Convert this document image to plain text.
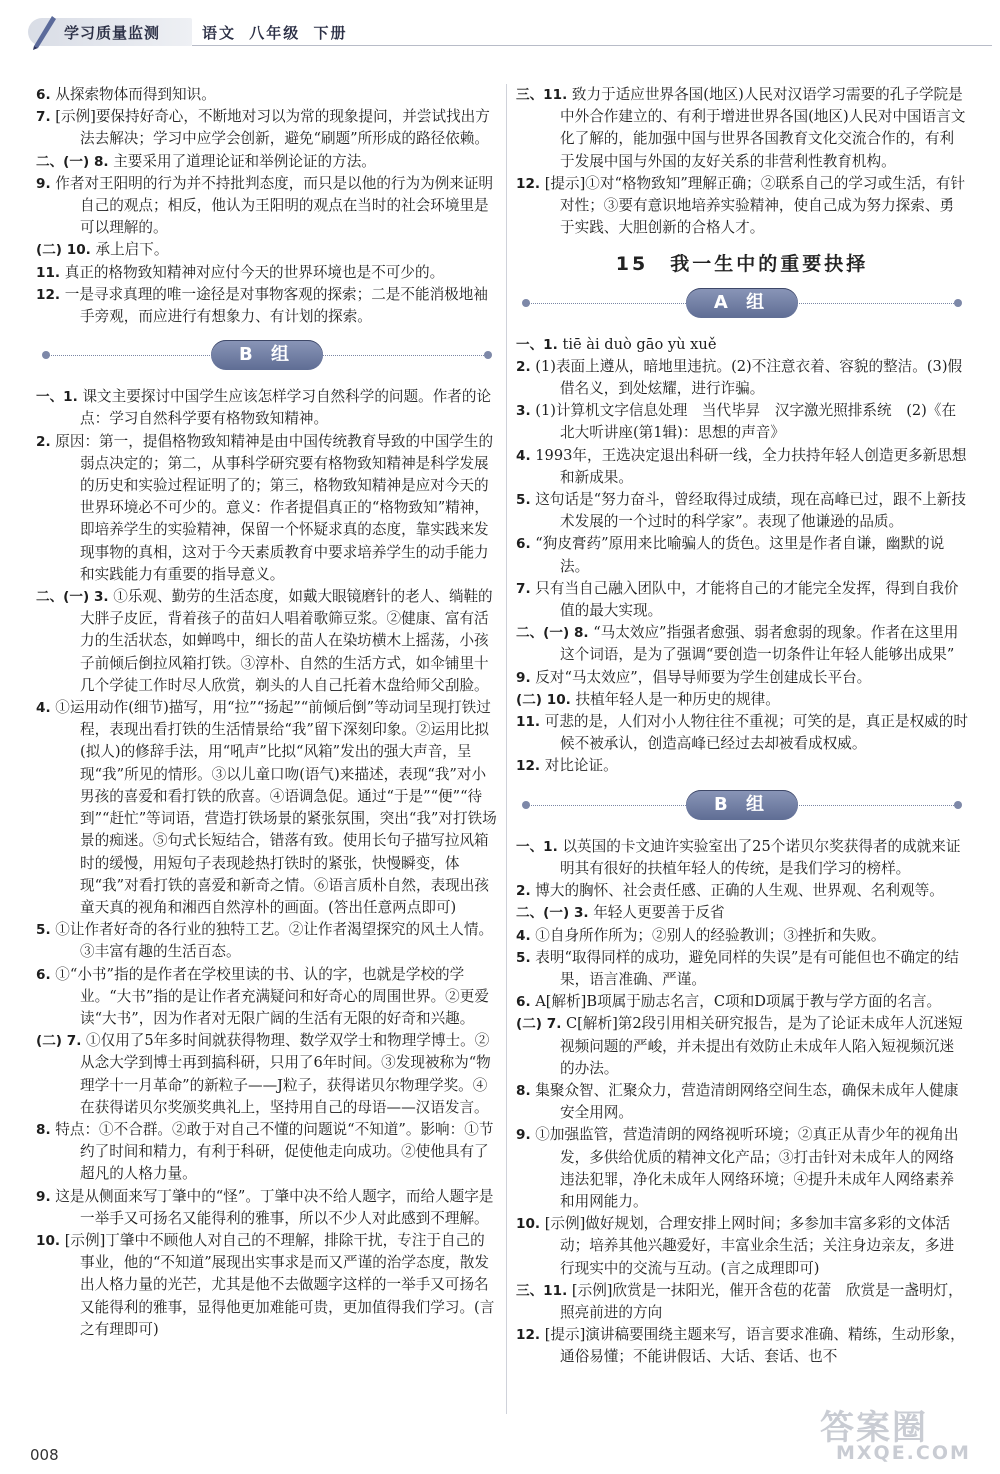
学习质量监测	语文 八年级 下册
6. 从探索物体而得到知识。
7. [示例]要保持好奇心，不断地对习以为常的现象提问，并尝试找出方法去解决；学习中应学会创新，避免“刷题”所形成的路径依赖。
二、(一) 8. 主要采用了道理论证和举例论证的方法。
9. 作者对王阳明的行为并不持批判态度，而只是以他的行为为例来证明自己的观点；相反，他认为王阳明的观点在当时的社会环境里是可以理解的。
(二) 10. 承上启下。
11. 真正的格物致知精神对应付今天的世界环境也是不可少的。
12. 一是寻求真理的唯一途径是对事物客观的探索；二是不能消极地袖手旁观，而应进行有想象力、有计划的探索。
B 组
一、1. 课文主要探讨中国学生应该怎样学习自然科学的问题。作者的论点：学习自然科学要有格物致知精神。
2. 原因：第一，提倡格物致知精神是由中国传统教育导致的中国学生的弱点决定的；第二，从事科学研究要有格物致知精神是科学发展的历史和实验过程证明了的；第三，格物致知精神是应对今天的世界环境必不可少的。意义：作者提倡真正的“格物致知”精神，即培养学生的实验精神，保留一个怀疑求真的态度，靠实践来发现事物的真相，这对于今天素质教育中要求培养学生的动手能力和实践能力有重要的指导意义。
二、(一) 3. ①乐观、勤劳的生活态度，如戴大眼镜磨针的老人、绱鞋的大胖子皮匠，背着孩子的苗妇人唱着歌筛豆浆。②健康、富有活力的生活状态，如蝉鸣中，细长的苗人在染坊横木上摇荡，小孩子前倾后倒拉风箱打铁。③淳朴、自然的生活方式，如伞铺里十几个学徒工作时尽人欣赏，剃头的人自己托着木盘给师父刮脸。
4. ①运用动作(细节)描写，用“拉”“扬起”“前倾后倒”等动词呈现打铁过程，表现出看打铁的生活情景给“我”留下深刻印象。②运用比拟(拟人)的修辞手法，用“吼声”比拟“风箱”发出的强大声音，呈现“我”所见的情形。③以儿童口吻(语气)来描述，表现“我”对小男孩的喜爱和看打铁的欣喜。④语调急促。通过“于是”“便”“待到”“赶忙”等词语，营造打铁场景的紧张氛围，突出“我”对打铁场景的痴迷。⑤句式长短结合，错落有致。使用长句子描写拉风箱时的缓慢，用短句子表现趁热打铁时的紧张，快慢瞬变，体现“我”对看打铁的喜爱和新奇之情。⑥语言质朴自然，表现出孩童天真的视角和湘西自然淳朴的画面。(答出任意两点即可)
5. ①让作者好奇的各行业的独特工艺。②让作者渴望探究的风土人情。③丰富有趣的生活百态。
6. ①“小书”指的是作者在学校里读的书、认的字，也就是学校的学业。“大书”指的是让作者充满疑问和好奇心的周围世界。②更爱读“大书”，因为作者对无限广阔的生活有无限的好奇和兴趣。
(二) 7. ①仅用了5年多时间就获得物理、数学双学士和物理学博士。②从念大学到博士再到搞科研，只用了6年时间。③发现被称为“物理学十一月革命”的新粒子——J粒子，获得诺贝尔物理学奖。④在获得诺贝尔奖颁奖典礼上，坚持用自己的母语——汉语发言。
8. 特点：①不合群。②敢于对自己不懂的问题说“不知道”。影响：①节约了时间和精力，有利于科研，促使他走向成功。②使他具有了超凡的人格力量。
9. 这是从侧面来写丁肇中的“怪”。丁肇中决不给人题字，而给人题字是一举手又可扬名又能得利的雅事，所以不少人对此感到不理解。
10. [示例]丁肇中不顾他人对自己的不理解，排除干扰，专注于自己的事业，他的“不知道”展现出实事求是而又严谨的治学态度，散发出人格力量的光芒，尤其是他不去做题字这样的一举手又可扬名又能得利的雅事，显得他更加难能可贵，更加值得我们学习。(言之有理即可)
三、11. 致力于适应世界各国(地区)人民对汉语学习需要的孔子学院是中外合作建立的、有利于增进世界各国(地区)人民对中国语言文化了解的，能加强中国与世界各国教育文化交流合作的，有利于发展中国与外国的友好关系的非营利性教育机构。
12. [提示]①对“格物致知”理解正确；②联系自己的学习或生活，有针对性；③要有意识地培养实验精神，使自己成为努力探索、勇于实践、大胆创新的合格人才。
15　我一生中的重要抉择
A 组
一、1. tiē ài duò gāo yù xuě
2. (1)表面上遵从，暗地里违抗。(2)不注意衣着、容貌的整洁。(3)假借名义，到处炫耀，进行诈骗。
3. (1)计算机文字信息处理　当代毕昇　汉字激光照排系统　(2)《在北大听讲座(第1辑)：思想的声音》
4. 1993年，王选决定退出科研一线，全力扶持年轻人创造更多新思想和新成果。
5. 这句话是“努力奋斗，曾经取得过成绩，现在高峰已过，跟不上新技术发展的一个过时的科学家”。表现了他谦逊的品质。
6. “狗皮膏药”原用来比喻骗人的货色。这里是作者自谦，幽默的说法。
7. 只有当自己融入团队中，才能将自己的才能完全发挥，得到自我价值的最大实现。
二、(一) 8. “马太效应”指强者愈强、弱者愈弱的现象。作者在这里用这个词语，是为了强调“要创造一切条件让年轻人能够出成果”
9. 反对“马太效应”，倡导导师要为学生创建成长平台。
(二) 10. 扶植年轻人是一种历史的规律。
11. 可悲的是，人们对小人物往往不重视；可笑的是，真正是权威的时候不被承认，创造高峰已经过去却被看成权威。
12. 对比论证。
B 组
一、1. 以英国的卡文迪许实验室出了25个诺贝尔奖获得者的成就来证明其有很好的扶植年轻人的传统，是我们学习的榜样。
2. 博大的胸怀、社会责任感、正确的人生观、世界观、名利观等。
二、(一) 3. 年轻人更要善于反省
4. ①自身所作所为；②别人的经验教训；③挫折和失败。
5. 表明“取得同样的成功，避免同样的失误”是有可能但也不确定的结果，语言准确、严谨。
6. A[解析]B项属于励志名言，C项和D项属于教与学方面的名言。
(二) 7. C[解析]第2段引用相关研究报告，是为了论证未成年人沉迷短视频问题的严峻，并未提出有效防止未成年人陷入短视频沉迷的办法。
8. 集聚众智、汇聚众力，营造清朗网络空间生态，确保未成年人健康安全用网。
9. ①加强监管，营造清朗的网络视听环境；②真正从青少年的视角出发，多供给优质的精神文化产品；③打击针对未成年人的网络违法犯罪，净化未成年人网络环境；④提升未成年人网络素养和用网能力。
10. [示例]做好规划，合理安排上网时间；多参加丰富多彩的文体活动；培养其他兴趣爱好，丰富业余生活；关注身边亲友，多进行现实中的交流与互动。(言之成理即可)
三、11. [示例]欣赏是一抹阳光，催开含苞的花蕾　欣赏是一盏明灯，照亮前进的方向
12. [提示]演讲稿要围绕主题来写，语言要求准确、精练，生动形象，通俗易懂；不能讲假话、大话、套话、也不
008
答案圈
MXQE.COM
